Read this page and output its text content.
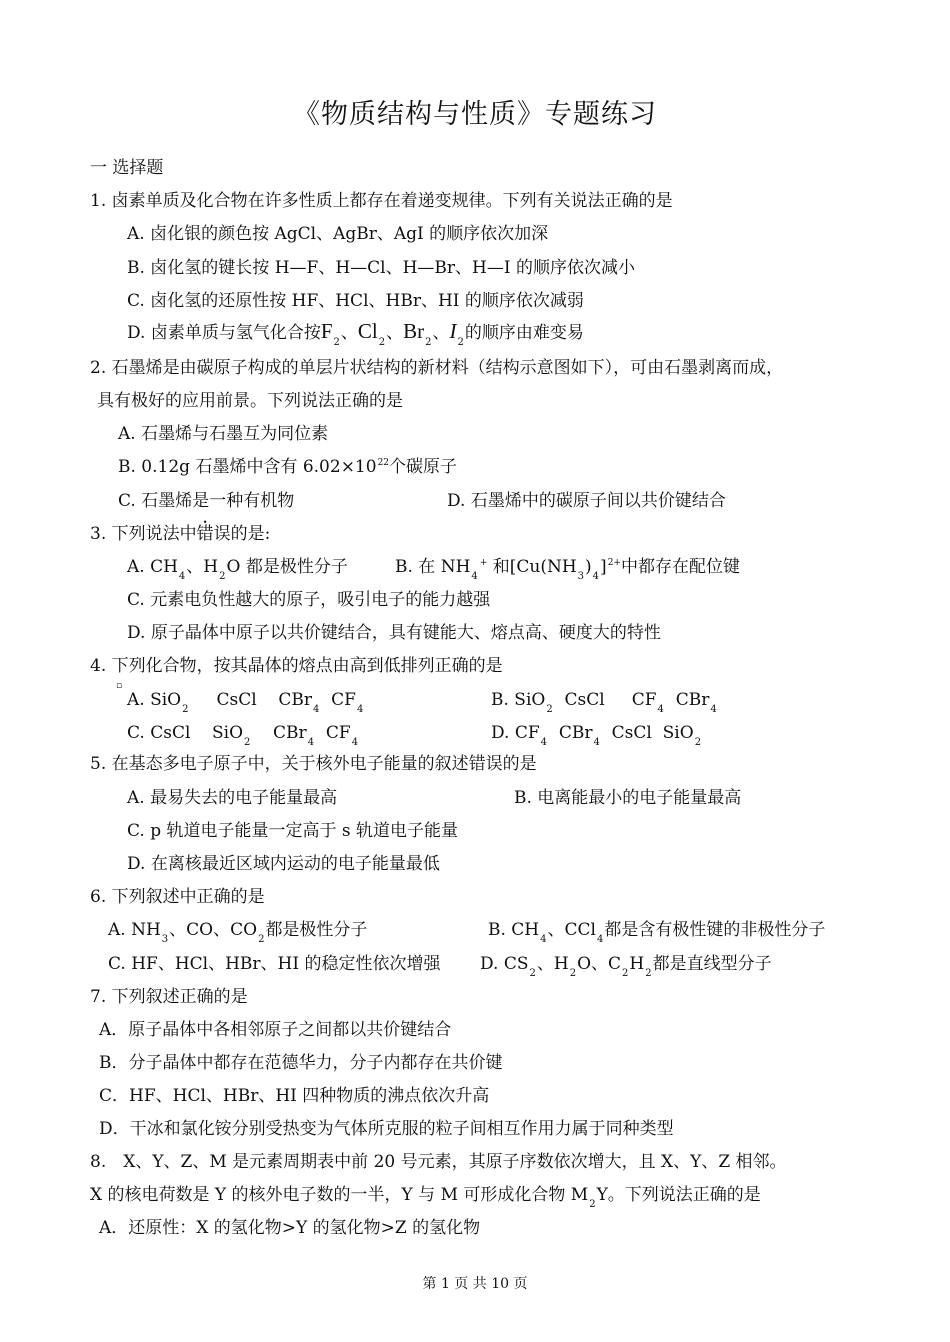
《物质结构与性质》专题练习
一 选择题
1. 卤素单质及化合物在许多性质上都存在着递变规律。下列有关说法正确的是
A. 卤化银的颜色按 AgCl、AgBr、AgI 的顺序依次加深
B. 卤化氢的键长按 H—F、H—Cl、H—Br、H—I 的顺序依次减小
C. 卤化氢的还原性按 HF、HCl、HBr、HI 的顺序依次减弱
D. 卤素单质与氢气化合按$F_2$、$Cl_2$、$Br_2$、$I_2$的顺序由难变易
2. 石墨烯是由碳原子构成的单层片状结构的新材料（结构示意图如下），可由石墨剥离而成，
具有极好的应用前景。下列说法正确的是
A. 石墨烯与石墨互为同位素
B. 0.12g 石墨烯中含有 $6.02\times 10^{22}$个碳原子
C. 石墨烯是一种有机物	D. 石墨烯中的碳原子间以共价键结合
3. 下列说法中错误的是:
A. $CH_4$、$H_2O$ 都是极性分子	B. 在 $NH_4^+$ 和$[Cu(NH_3)_4]^{2+}$中都存在配位键
C. 元素电负性越大的原子，吸引电子的能力越强
D. 原子晶体中原子以共价键结合，具有键能大、熔点高、硬度大的特性
4. 下列化合物，按其晶体的熔点由高到低排列正确的是
▫
A. SiO$_2$ CsCl CBr$_4$ $CF_4$	B. SiO$_2$ CsCl $CF_4$ CBr$_4$
C. CsCl SiO$_2$ CBr$_4$ $CF_4$	D. $CF_4$ CBr$_4$ CsCl SiO$_2$
5. 在基态多电子原子中，关于核外电子能量的叙述错误的是
A. 最易失去的电子能量最高	B. 电离能最小的电子能量最高
C. p 轨道电子能量一定高于 s 轨道电子能量
D. 在离核最近区域内运动的电子能量最低
6. 下列叙述中正确的是
A. $NH_3$、CO、$CO_2$都是极性分子	B. $CH_4$、CCl$_4$都是含有极性键的非极性分子
C. HF、HCl、HBr、HI 的稳定性依次增强 D. $CS_2$、$H_2O$、$C_2H_2$都是直线型分子
7. 下列叙述正确的是
A．原子晶体中各相邻原子之间都以共价键结合
B．分子晶体中都存在范德华力，分子内都存在共价键
C．HF、HCl、HBr、HI 四种物质的沸点依次升高
D．干冰和氯化铵分别受热变为气体所克服的粒子间相互作用力属于同种类型
8.　X、Y、Z、M 是元素周期表中前 20 号元素，其原子序数依次增大，且 X、Y、Z 相邻。
X 的核电荷数是 Y 的核外电子数的一半，Y 与 M 可形成化合物 $M_2Y$。下列说法正确的是
A．还原性：X 的氢化物>Y 的氢化物>Z 的氢化物
第 1 页 共 10 页
